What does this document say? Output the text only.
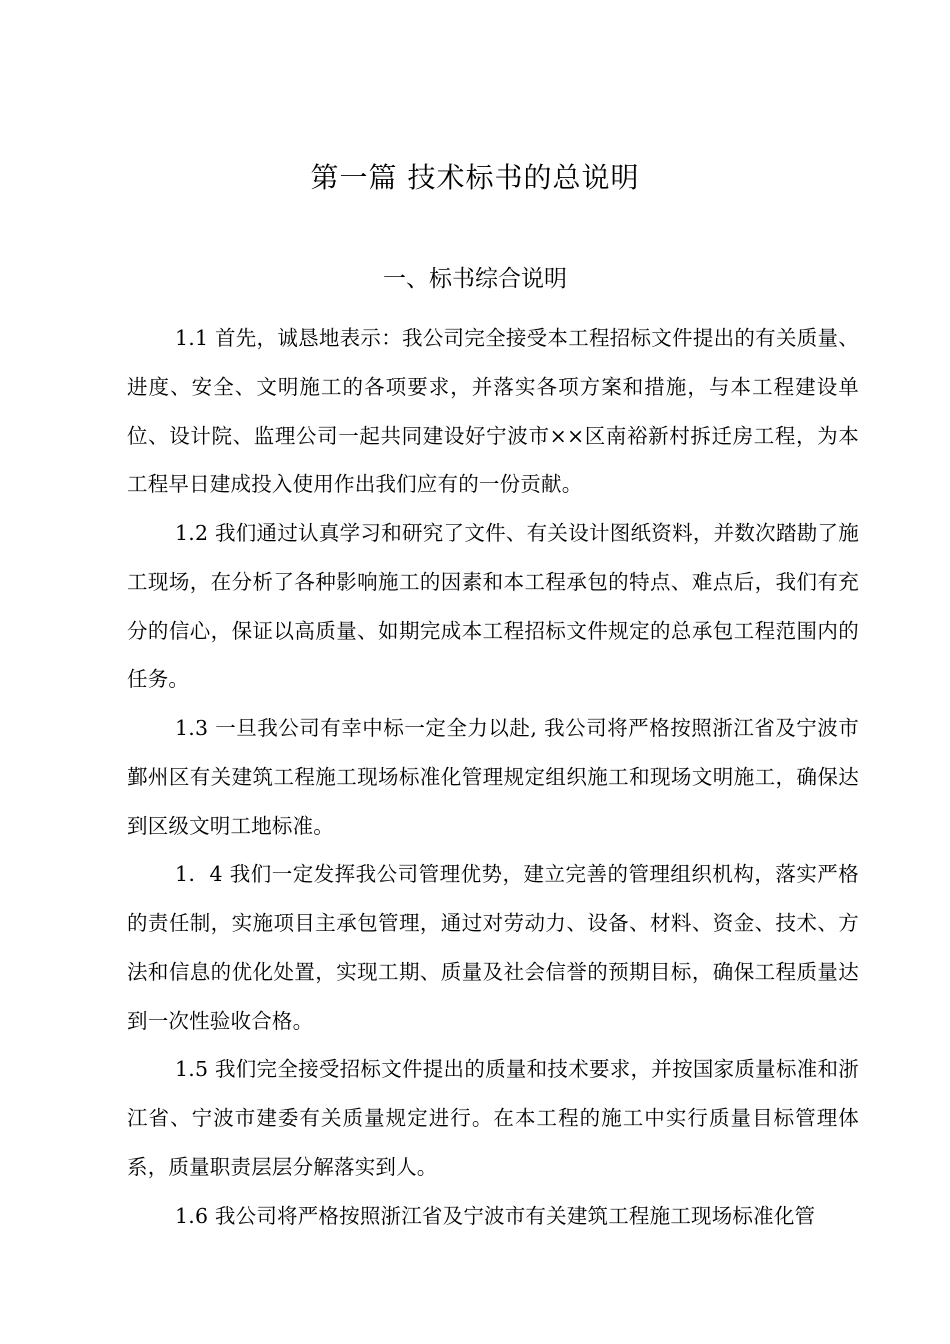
第一篇 技术标书的总说明
一、标书综合说明

1.1 首先，诚恳地表示：我公司完全接受本工程招标文件提出的有关质量、进度、安全、文明施工的各项要求，并落实各项方案和措施，与本工程建设单位、设计院、监理公司一起共同建设好宁波市××区南裕新村拆迁房工程，为本工程早日建成投入使用作出我们应有的一份贡献。

1.2 我们通过认真学习和研究了文件、有关设计图纸资料，并数次踏勘了施工现场，在分析了各种影响施工的因素和本工程承包的特点、难点后，我们有充分的信心，保证以高质量、如期完成本工程招标文件规定的总承包工程范围内的任务。

1.3 一旦我公司有幸中标一定全力以赴, 我公司将严格按照浙江省及宁波市鄞州区有关建筑工程施工现场标准化管理规定组织施工和现场文明施工，确保达到区级文明工地标准。

1．4 我们一定发挥我公司管理优势，建立完善的管理组织机构，落实严格的责任制，实施项目主承包管理，通过对劳动力、设备、材料、资金、技术、方法和信息的优化处置，实现工期、质量及社会信誉的预期目标，确保工程质量达到一次性验收合格。

1.5 我们完全接受招标文件提出的质量和技术要求，并按国家质量标准和浙江省、宁波市建委有关质量规定进行。在本工程的施工中实行质量目标管理体系，质量职责层层分解落实到人。

1.6 我公司将严格按照浙江省及宁波市有关建筑工程施工现场标准化管
